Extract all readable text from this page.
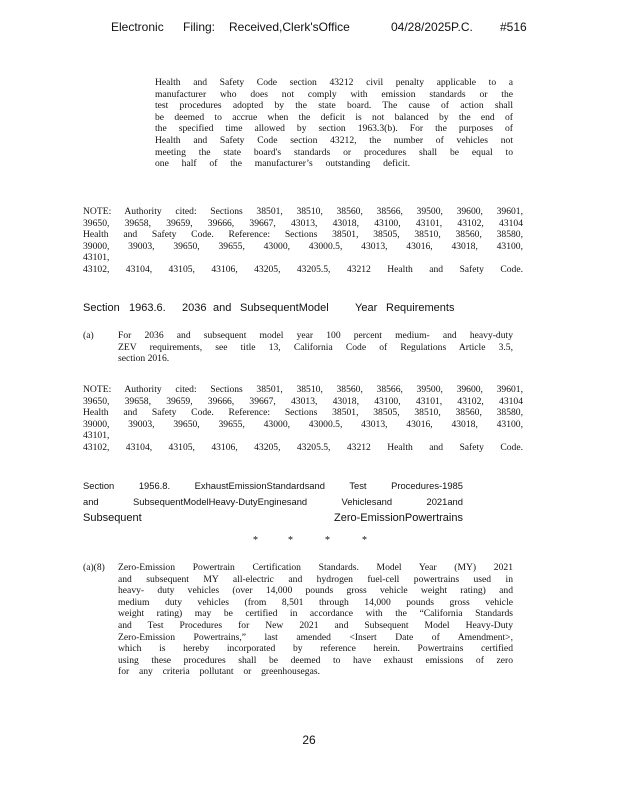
Electronic Filing: Received,Clerk'sOffice	04/28/2025P.C. #516
Health and Safety Code section 43212 civil penalty applicable to a
manufacturer who does not comply with emission standards or the
test procedures adopted by the state board. The cause of action shall
be deemed to accrue when the deficit is not balanced by the end of
the specified time allowed by section 1963.3(b). For the purposes of
Health and Safety Code section 43212, the number of vehicles not
meeting the state board's standards or procedures shall be equal to
one half of the manufacturer’s outstanding deficit.
NOTE: Authority cited: Sections 38501, 38510, 38560, 38566, 39500, 39600, 39601,
39650, 39658, 39659, 39666, 39667, 43013, 43018, 43100, 43101, 43102, 43104
Health and Safety Code. Reference: Sections 38501, 38505, 38510, 38560, 38580,
39000, 39003, 39650, 39655, 43000, 43000.5, 43013, 43016, 43018, 43100,
43101,
43102, 43104, 43105, 43106, 43205, 43205.5, 43212 Health and Safety Code.
Section 1963.6. 2036 and SubsequentModel Year Requirements
(a)	For 2036 and subsequent model year 100 percent medium- and heavy-duty
ZEV requirements, see title 13, California Code of Regulations Article 3.5,
section 2016.
NOTE: Authority cited: Sections 38501, 38510, 38560, 38566, 39500, 39600, 39601,
39650, 39658, 39659, 39666, 39667, 43013, 43018, 43100, 43101, 43102, 43104
Health and Safety Code. Reference: Sections 38501, 38505, 38510, 38560, 38580,
39000, 39003, 39650, 39655, 43000, 43000.5, 43013, 43016, 43018, 43100,
43101,
43102, 43104, 43105, 43106, 43205, 43205.5, 43212 Health and Safety Code.
Section 1956.8. ExhaustEmissionStandardsand Test Procedures-1985
and SubsequentModelHeavy-DutyEnginesand Vehiclesand 2021and
Subsequent Zero-EmissionPowertrains
*	*	*	*
(a)(8) Zero-Emission Powertrain Certification Standards. Model Year (MY) 2021
and subsequent MY all-electric and hydrogen fuel-cell powertrains used in
heavy- duty vehicles (over 14,000 pounds gross vehicle weight rating) and
medium duty vehicles (from 8,501 through 14,000 pounds gross vehicle
weight rating) may be certified in accordance with the “California Standards
and Test Procedures for New 2021 and Subsequent Model Heavy-Duty
Zero-Emission Powertrains,” last amended <Insert Date of Amendment>,
which is hereby incorporated by reference herein. Powertrains certified
using these procedures shall be deemed to have exhaust emissions of zero
for any criteria pollutant or greenhousegas.
26
